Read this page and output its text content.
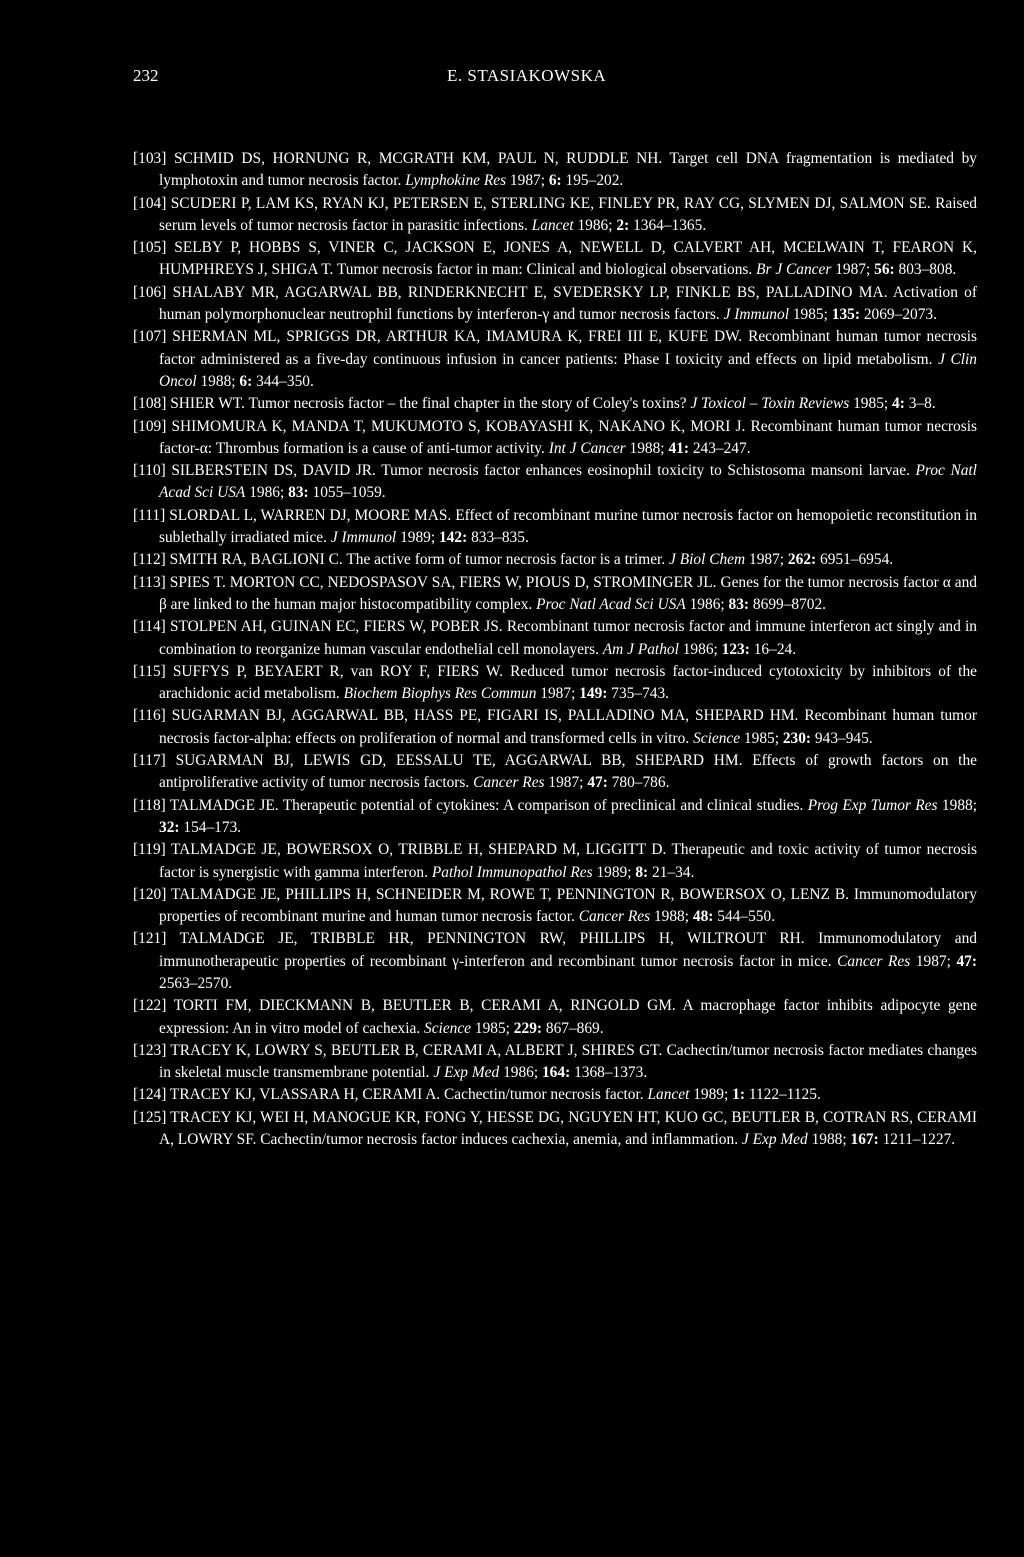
232	E. STASIAKOWSKA

[103] SCHMID DS, HORNUNG R, MCGRATH KM, PAUL N, RUDDLE NH. Target cell DNA fragmentation is mediated by lymphotoxin and tumor necrosis factor. Lymphokine Res 1987; 6: 195–202.

[104] SCUDERI P, LAM KS, RYAN KJ, PETERSEN E, STERLING KE, FINLEY PR, RAY CG, SLYMEN DJ, SALMON SE. Raised serum levels of tumor necrosis factor in parasitic infections. Lancet 1986; 2: 1364–1365.

[105] SELBY P, HOBBS S, VINER C, JACKSON E, JONES A, NEWELL D, CALVERT AH, MCELWAIN T, FEARON K, HUMPHREYS J, SHIGA T. Tumor necrosis factor in man: Clinical and biological observations. Br J Cancer 1987; 56: 803–808.

[106] SHALABY MR, AGGARWAL BB, RINDERKNECHT E, SVEDERSKY LP, FINKLE BS, PALLADINO MA. Activation of human polymorphonuclear neutrophil functions by interferon-γ and tumor necrosis factors. J Immunol 1985; 135: 2069–2073.

[107] SHERMAN ML, SPRIGGS DR, ARTHUR KA, IMAMURA K, FREI III E, KUFE DW. Recombinant human tumor necrosis factor administered as a five-day continuous infusion in cancer patients: Phase I toxicity and effects on lipid metabolism. J Clin Oncol 1988; 6: 344–350.

[108] SHIER WT. Tumor necrosis factor – the final chapter in the story of Coley's toxins? J Toxicol – Toxin Reviews 1985; 4: 3–8.

[109] SHIMOMURA K, MANDA T, MUKUMOTO S, KOBAYASHI K, NAKANO K, MORI J. Recombinant human tumor necrosis factor-α: Thrombus formation is a cause of anti-tumor activity. Int J Cancer 1988; 41: 243–247.

[110] SILBERSTEIN DS, DAVID JR. Tumor necrosis factor enhances eosinophil toxicity to Schistosoma mansoni larvae. Proc Natl Acad Sci USA 1986; 83: 1055–1059.

[111] SLORDAL L, WARREN DJ, MOORE MAS. Effect of recombinant murine tumor necrosis factor on hemopoietic reconstitution in sublethally irradiated mice. J Immunol 1989; 142: 833–835.

[112] SMITH RA, BAGLIONI C. The active form of tumor necrosis factor is a trimer. J Biol Chem 1987; 262: 6951–6954.

[113] SPIES T. MORTON CC, NEDOSPASOV SA, FIERS W, PIOUS D, STROMINGER JL. Genes for the tumor necrosis factor α and β are linked to the human major histocompatibility complex. Proc Natl Acad Sci USA 1986; 83: 8699–8702.

[114] STOLPEN AH, GUINAN EC, FIERS W, POBER JS. Recombinant tumor necrosis factor and immune interferon act singly and in combination to reorganize human vascular endothelial cell monolayers. Am J Pathol 1986; 123: 16–24.

[115] SUFFYS P, BEYAERT R, van ROY F, FIERS W. Reduced tumor necrosis factor-induced cytotoxicity by inhibitors of the arachidonic acid metabolism. Biochem Biophys Res Commun 1987; 149: 735–743.

[116] SUGARMAN BJ, AGGARWAL BB, HASS PE, FIGARI IS, PALLADINO MA, SHEPARD HM. Recombinant human tumor necrosis factor-alpha: effects on proliferation of normal and transformed cells in vitro. Science 1985; 230: 943–945.

[117] SUGARMAN BJ, LEWIS GD, EESSALU TE, AGGARWAL BB, SHEPARD HM. Effects of growth factors on the antiproliferative activity of tumor necrosis factors. Cancer Res 1987; 47: 780–786.

[118] TALMADGE JE. Therapeutic potential of cytokines: A comparison of preclinical and clinical studies. Prog Exp Tumor Res 1988; 32: 154–173.

[119] TALMADGE JE, BOWERSOX O, TRIBBLE H, SHEPARD M, LIGGITT D. Therapeutic and toxic activity of tumor necrosis factor is synergistic with gamma interferon. Pathol Immunopathol Res 1989; 8: 21–34.

[120] TALMADGE JE, PHILLIPS H, SCHNEIDER M, ROWE T, PENNINGTON R, BOWERSOX O, LENZ B. Immunomodulatory properties of recombinant murine and human tumor necrosis factor. Cancer Res 1988; 48: 544–550.

[121] TALMADGE JE, TRIBBLE HR, PENNINGTON RW, PHILLIPS H, WILTROUT RH. Immunomodulatory and immunotherapeutic properties of recombinant γ-interferon and recombinant tumor necrosis factor in mice. Cancer Res 1987; 47: 2563–2570.

[122] TORTI FM, DIECKMANN B, BEUTLER B, CERAMI A, RINGOLD GM. A macrophage factor inhibits adipocyte gene expression: An in vitro model of cachexia. Science 1985; 229: 867–869.

[123] TRACEY K, LOWRY S, BEUTLER B, CERAMI A, ALBERT J, SHIRES GT. Cachectin/tumor necrosis factor mediates changes in skeletal muscle transmembrane potential. J Exp Med 1986; 164: 1368–1373.

[124] TRACEY KJ, VLASSARA H, CERAMI A. Cachectin/tumor necrosis factor. Lancet 1989; 1: 1122–1125.

[125] TRACEY KJ, WEI H, MANOGUE KR, FONG Y, HESSE DG, NGUYEN HT, KUO GC, BEUTLER B, COTRAN RS, CERAMI A, LOWRY SF. Cachectin/tumor necrosis factor induces cachexia, anemia, and inflammation. J Exp Med 1988; 167: 1211–1227.
